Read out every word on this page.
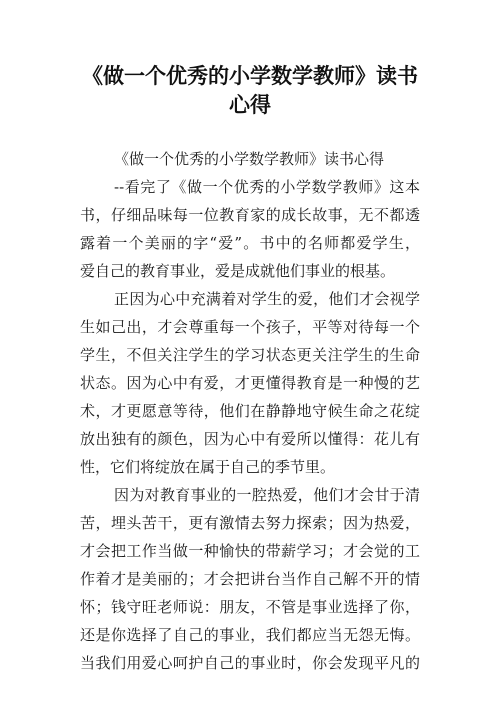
《做一个优秀的小学数学教师》读书
心得

《做一个优秀的小学数学教师》读书心得

--看完了《做一个优秀的小学数学教师》这本

书，仔细品味每一位教育家的成长故事，无不都透

露着一个美丽的字“爱”。书中的名师都爱学生，

爱自己的教育事业，爱是成就他们事业的根基。

正因为心中充满着对学生的爱，他们才会视学

生如己出，才会尊重每一个孩子，平等对待每一个

学生，不但关注学生的学习状态更关注学生的生命

状态。因为心中有爱，才更懂得教育是一种慢的艺

术，才更愿意等待，他们在静静地守候生命之花绽

放出独有的颜色，因为心中有爱所以懂得：花儿有

性，它们将绽放在属于自己的季节里。

因为对教育事业的一腔热爱，他们才会甘于清

苦，埋头苦干，更有激情去努力探索；因为热爱，

才会把工作当做一种愉快的带薪学习；才会觉的工

作着才是美丽的；才会把讲台当作自己解不开的情

怀；钱守旺老师说：朋友，不管是事业选择了你，

还是你选择了自己的事业，我们都应当无怨无悔。

当我们用爱心呵护自己的事业时，你会发现平凡的
